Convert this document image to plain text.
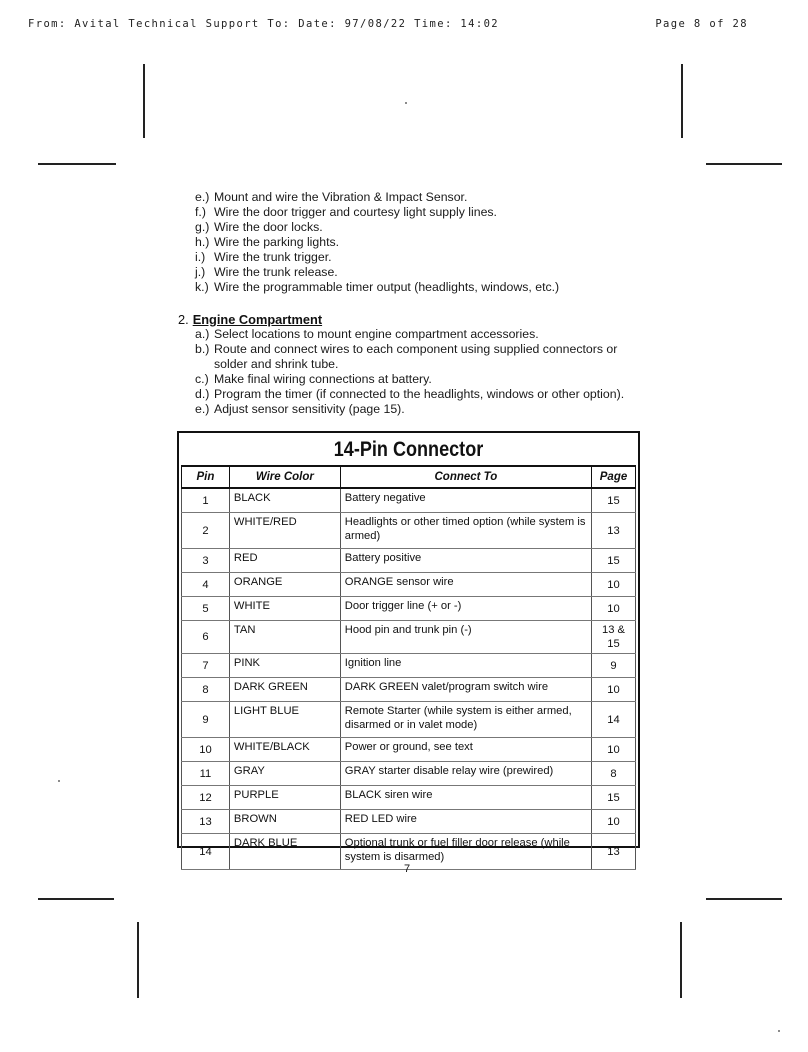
From: Avital Technical Support To: Date: 97/08/22 Time: 14:02	Page 8 of 28
e.) Mount and wire the Vibration & Impact Sensor.
f.) Wire the door trigger and courtesy light supply lines.
g.) Wire the door locks.
h.) Wire the parking lights.
i.) Wire the trunk trigger.
j.) Wire the trunk release.
k.) Wire the programmable timer output (headlights, windows, etc.)
2. Engine Compartment
a.) Select locations to mount engine compartment accessories.
b.) Route and connect wires to each component using supplied connectors or
solder and shrink tube.
c.) Make final wiring connections at battery.
d.) Program the timer (if connected to the headlights, windows or other option).
e.) Adjust sensor sensitivity (page 15).
14-Pin Connector
Pin	Wire Color	Connect To	Page
1	BLACK	Battery negative	15
2	WHITE/RED	Headlights or other timed option (while system is armed)	13
3	RED	Battery positive	15
4	ORANGE	ORANGE sensor wire	10
5	WHITE	Door trigger line (+ or -)	10
6	TAN	Hood pin and trunk pin (-)	13 & 15
7	PINK	Ignition line	9
8	DARK GREEN	DARK GREEN valet/program switch wire	10
9	LIGHT BLUE	Remote Starter (while system is either armed, disarmed or in valet mode)	14
10	WHITE/BLACK	Power or ground, see text	10
11	GRAY	GRAY starter disable relay wire (prewired)	8
12	PURPLE	BLACK siren wire	15
13	BROWN	RED LED wire	10
14	DARK BLUE	Optional trunk or fuel filler door release (while system is disarmed)	13
7
